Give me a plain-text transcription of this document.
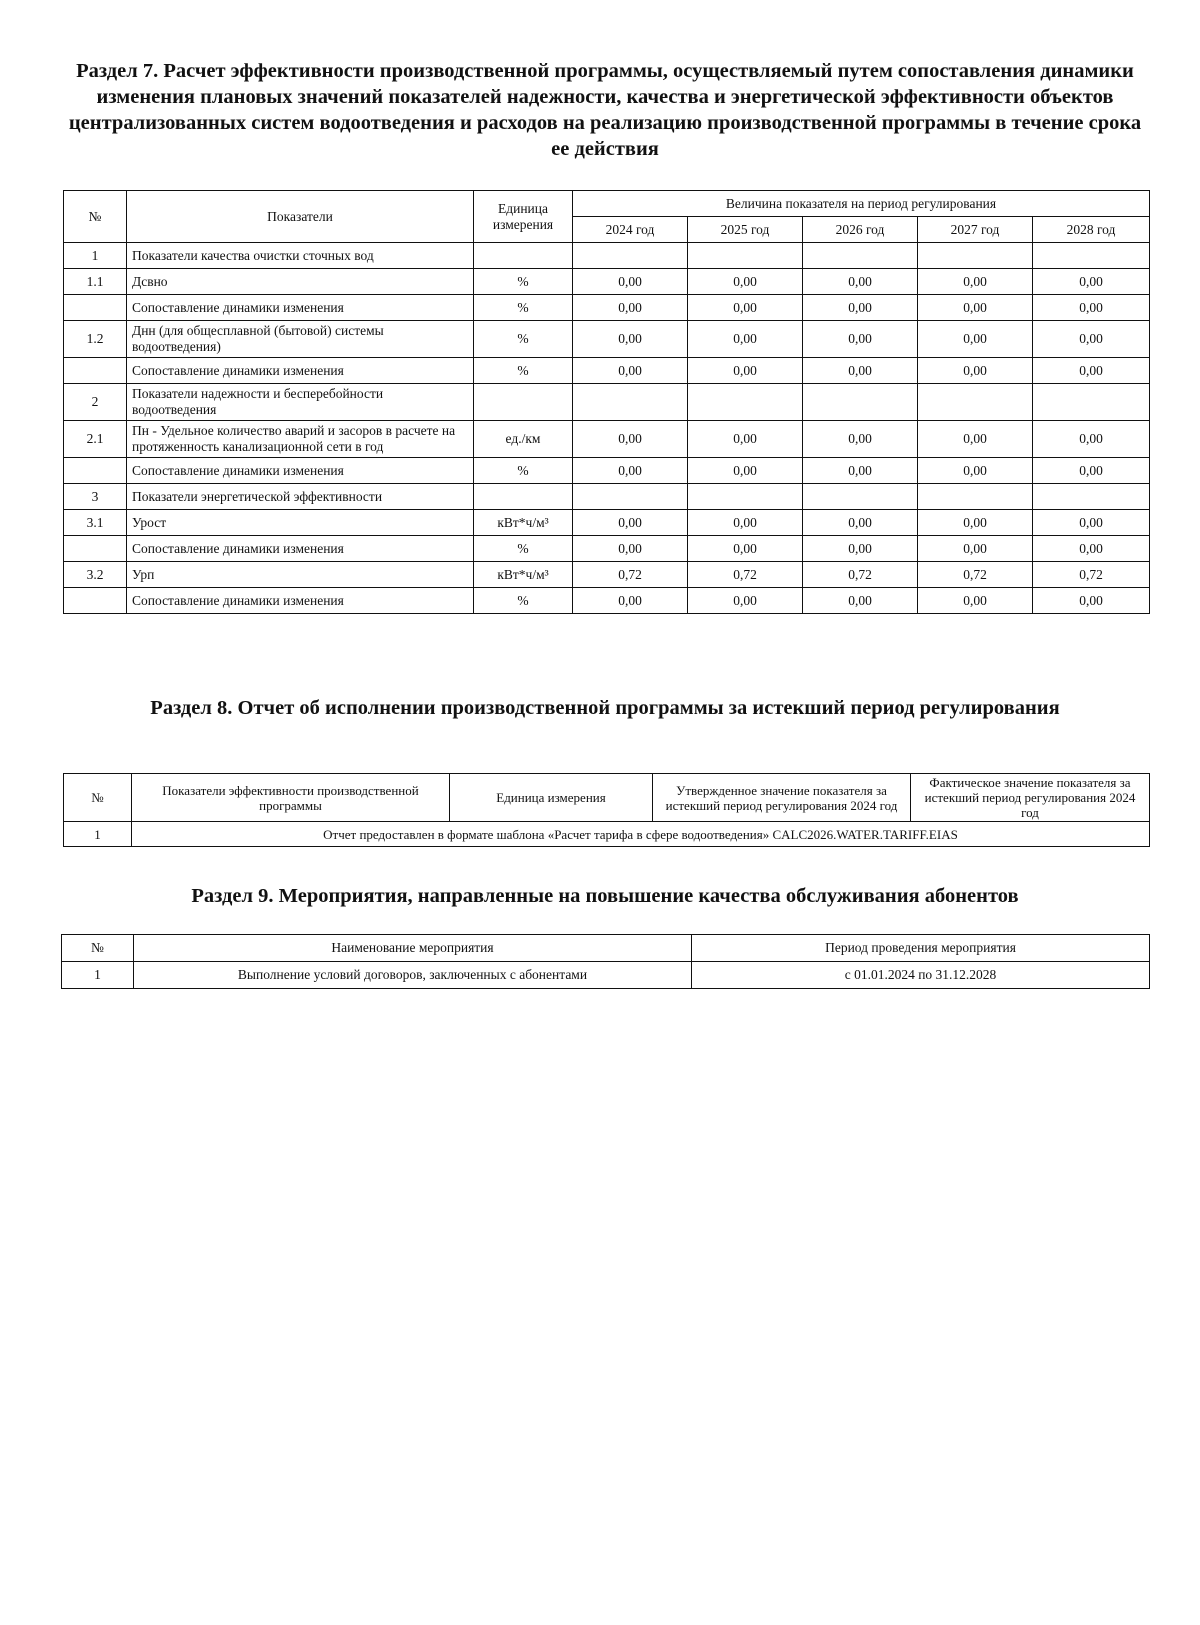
Раздел 7. Расчет эффективности производственной программы, осуществляемый путем сопоставления динамики изменения плановых значений показателей надежности, качества и энергетической эффективности объектов централизованных систем водоотведения и расходов на реализацию производственной программы в течение срока ее действия
№	Показатели	Единица измерения	Величина показателя на период регулирования				
			2024 год	2025 год	2026 год	2027 год	2028 год
1	Показатели качества очистки сточных вод						
1.1	Дсвно	%	0,00	0,00	0,00	0,00	0,00
	Сопоставление динамики изменения	%	0,00	0,00	0,00	0,00	0,00
1.2	Днн (для общесплавной (бытовой) системы водоотведения)	%	0,00	0,00	0,00	0,00	0,00
	Сопоставление динамики изменения	%	0,00	0,00	0,00	0,00	0,00
2	Показатели надежности и бесперебойности водоотведения						
2.1	Пн - Удельное количество аварий и засоров в расчете на протяженность канализационной сети в год	ед./км	0,00	0,00	0,00	0,00	0,00
	Сопоставление динамики изменения	%	0,00	0,00	0,00	0,00	0,00
3	Показатели энергетической эффективности						
3.1	Урост	кВт*ч/м³	0,00	0,00	0,00	0,00	0,00
	Сопоставление динамики изменения	%	0,00	0,00	0,00	0,00	0,00
3.2	Урп	кВт*ч/м³	0,72	0,72	0,72	0,72	0,72
	Сопоставление динамики изменения	%	0,00	0,00	0,00	0,00	0,00
Раздел 8. Отчет об исполнении производственной программы за истекший период регулирования
№	Показатели эффективности производственной программы	Единица измерения	Утвержденное значение показателя за истекший период регулирования 2024 год	Фактическое значение показателя за истекший период регулирования 2024 год
1	Отчет предоставлен в формате шаблона «Расчет тарифа в сфере водоотведения» CALC2026.WATER.TARIFF.EIAS			
Раздел 9. Мероприятия, направленные на повышение качества обслуживания абонентов
№	Наименование мероприятия	Период проведения мероприятия
1	Выполнение условий договоров, заключенных с абонентами	с 01.01.2024 по 31.12.2028
